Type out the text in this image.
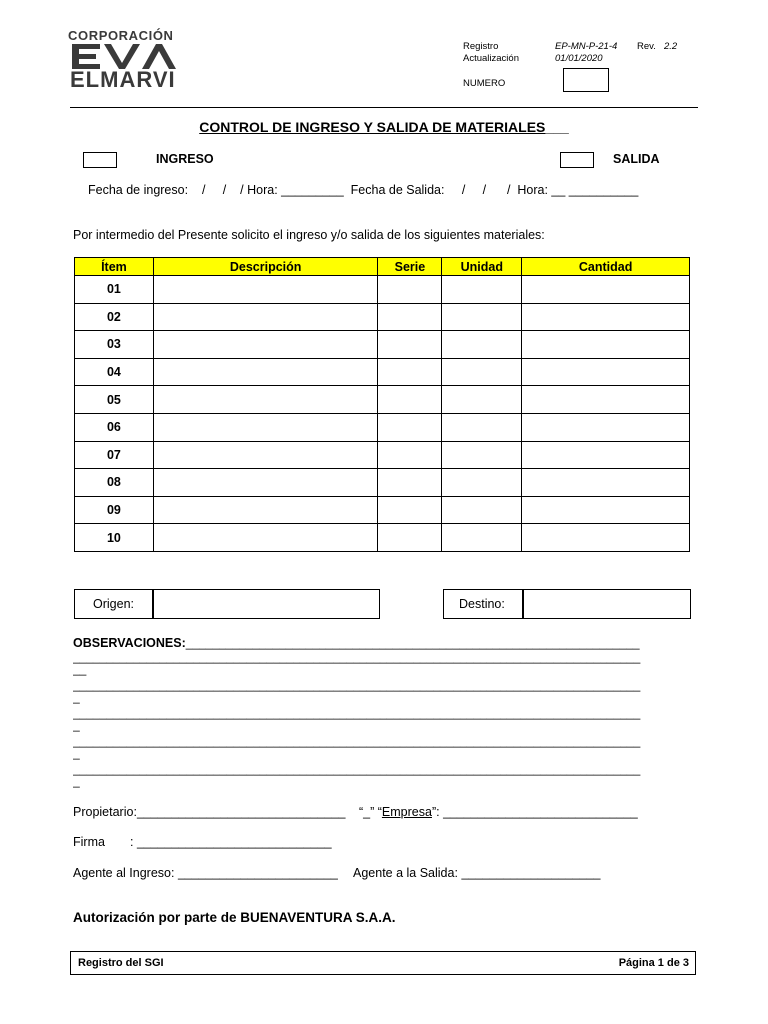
CORPORACIÓN
ELMARVI
Registro	EP-MN-P-21-4 Rev. 2.2
Actualización	01/01/2020
NUMERO
CONTROL DE INGRESO Y SALIDA DE MATERIALES___
INGRESO	SALIDA
Fecha de ingreso:    /     /    / Hora: _________  Fecha de Salida:     /     /      /  Hora: __ __________
Por intermedio del Presente solicito el ingreso y/o salida de los siguientes materiales:
Ítem	Descripción	Serie	Unidad	Cantidad
01				
02				
03				
04				
05				
06				
07				
08				
09				
10				
Origen:	Destino:
OBSERVACIONES:____________________________________________________________________
_____________________________________________________________________________________
__
_____________________________________________________________________________________
_
_____________________________________________________________________________________
_
_____________________________________________________________________________________
_
_____________________________________________________________________________________
_
Propietario:______________________________ “_” “Empresa”: ____________________________
Firma : ____________________________
Agente al Ingreso: _______________________ Agente a la Salida: ____________________
Autorización por parte de BUENAVENTURA S.A.A.
Registro del SGI	Página 1 de 3
